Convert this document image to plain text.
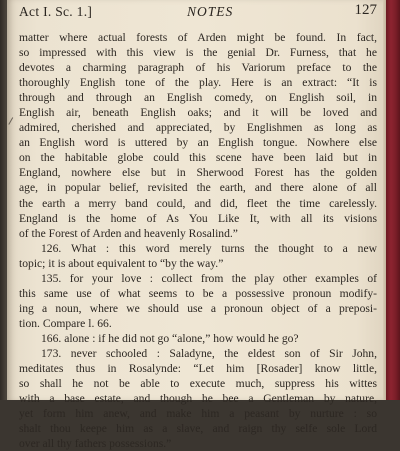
Act I. Sc. 1.]	NOTES	127
matter where actual forests of Arden might be found. In fact,
so impressed with this view is the genial Dr. Furness, that he
devotes a charming paragraph of his Variorum preface to the
thoroughly English tone of the play. Here is an extract: “It is
through and through an English comedy, on English soil, in
English air, beneath English oaks; and it will be loved and
admired, cherished and appreciated, by Englishmen as long as
an English word is uttered by an English tongue. Nowhere else
on the habitable globe could this scene have been laid but in
England, nowhere else but in Sherwood Forest has the golden
age, in popular belief, revisited the earth, and there alone of all
the earth a merry band could, and did, fleet the time carelessly.
England is the home of As You Like It, with all its visions
of the Forest of Arden and heavenly Rosalind.”
126. What : this word merely turns the thought to a new
topic; it is about equivalent to “by the way.”
135. for your love : collect from the play other examples of
this same use of what seems to be a possessive pronoun modify-
ing a noun, where we should use a pronoun object of a preposi-
tion. Compare l. 66.
166. alone : if he did not go “alone,” how would he go?
173. never schooled : Saladyne, the eldest son of Sir John,
meditates thus in Rosalynde: “Let him [Rosader] know little,
so shall he not be able to execute much, suppress his wittes
with a base estate, and though he bee a Gentleman by nature,
yet form him anew, and make him a peasant by nurture : so
shalt thou keepe him as a slave, and raign thy selfe sole Lord
over all thy fathers possessions.”
